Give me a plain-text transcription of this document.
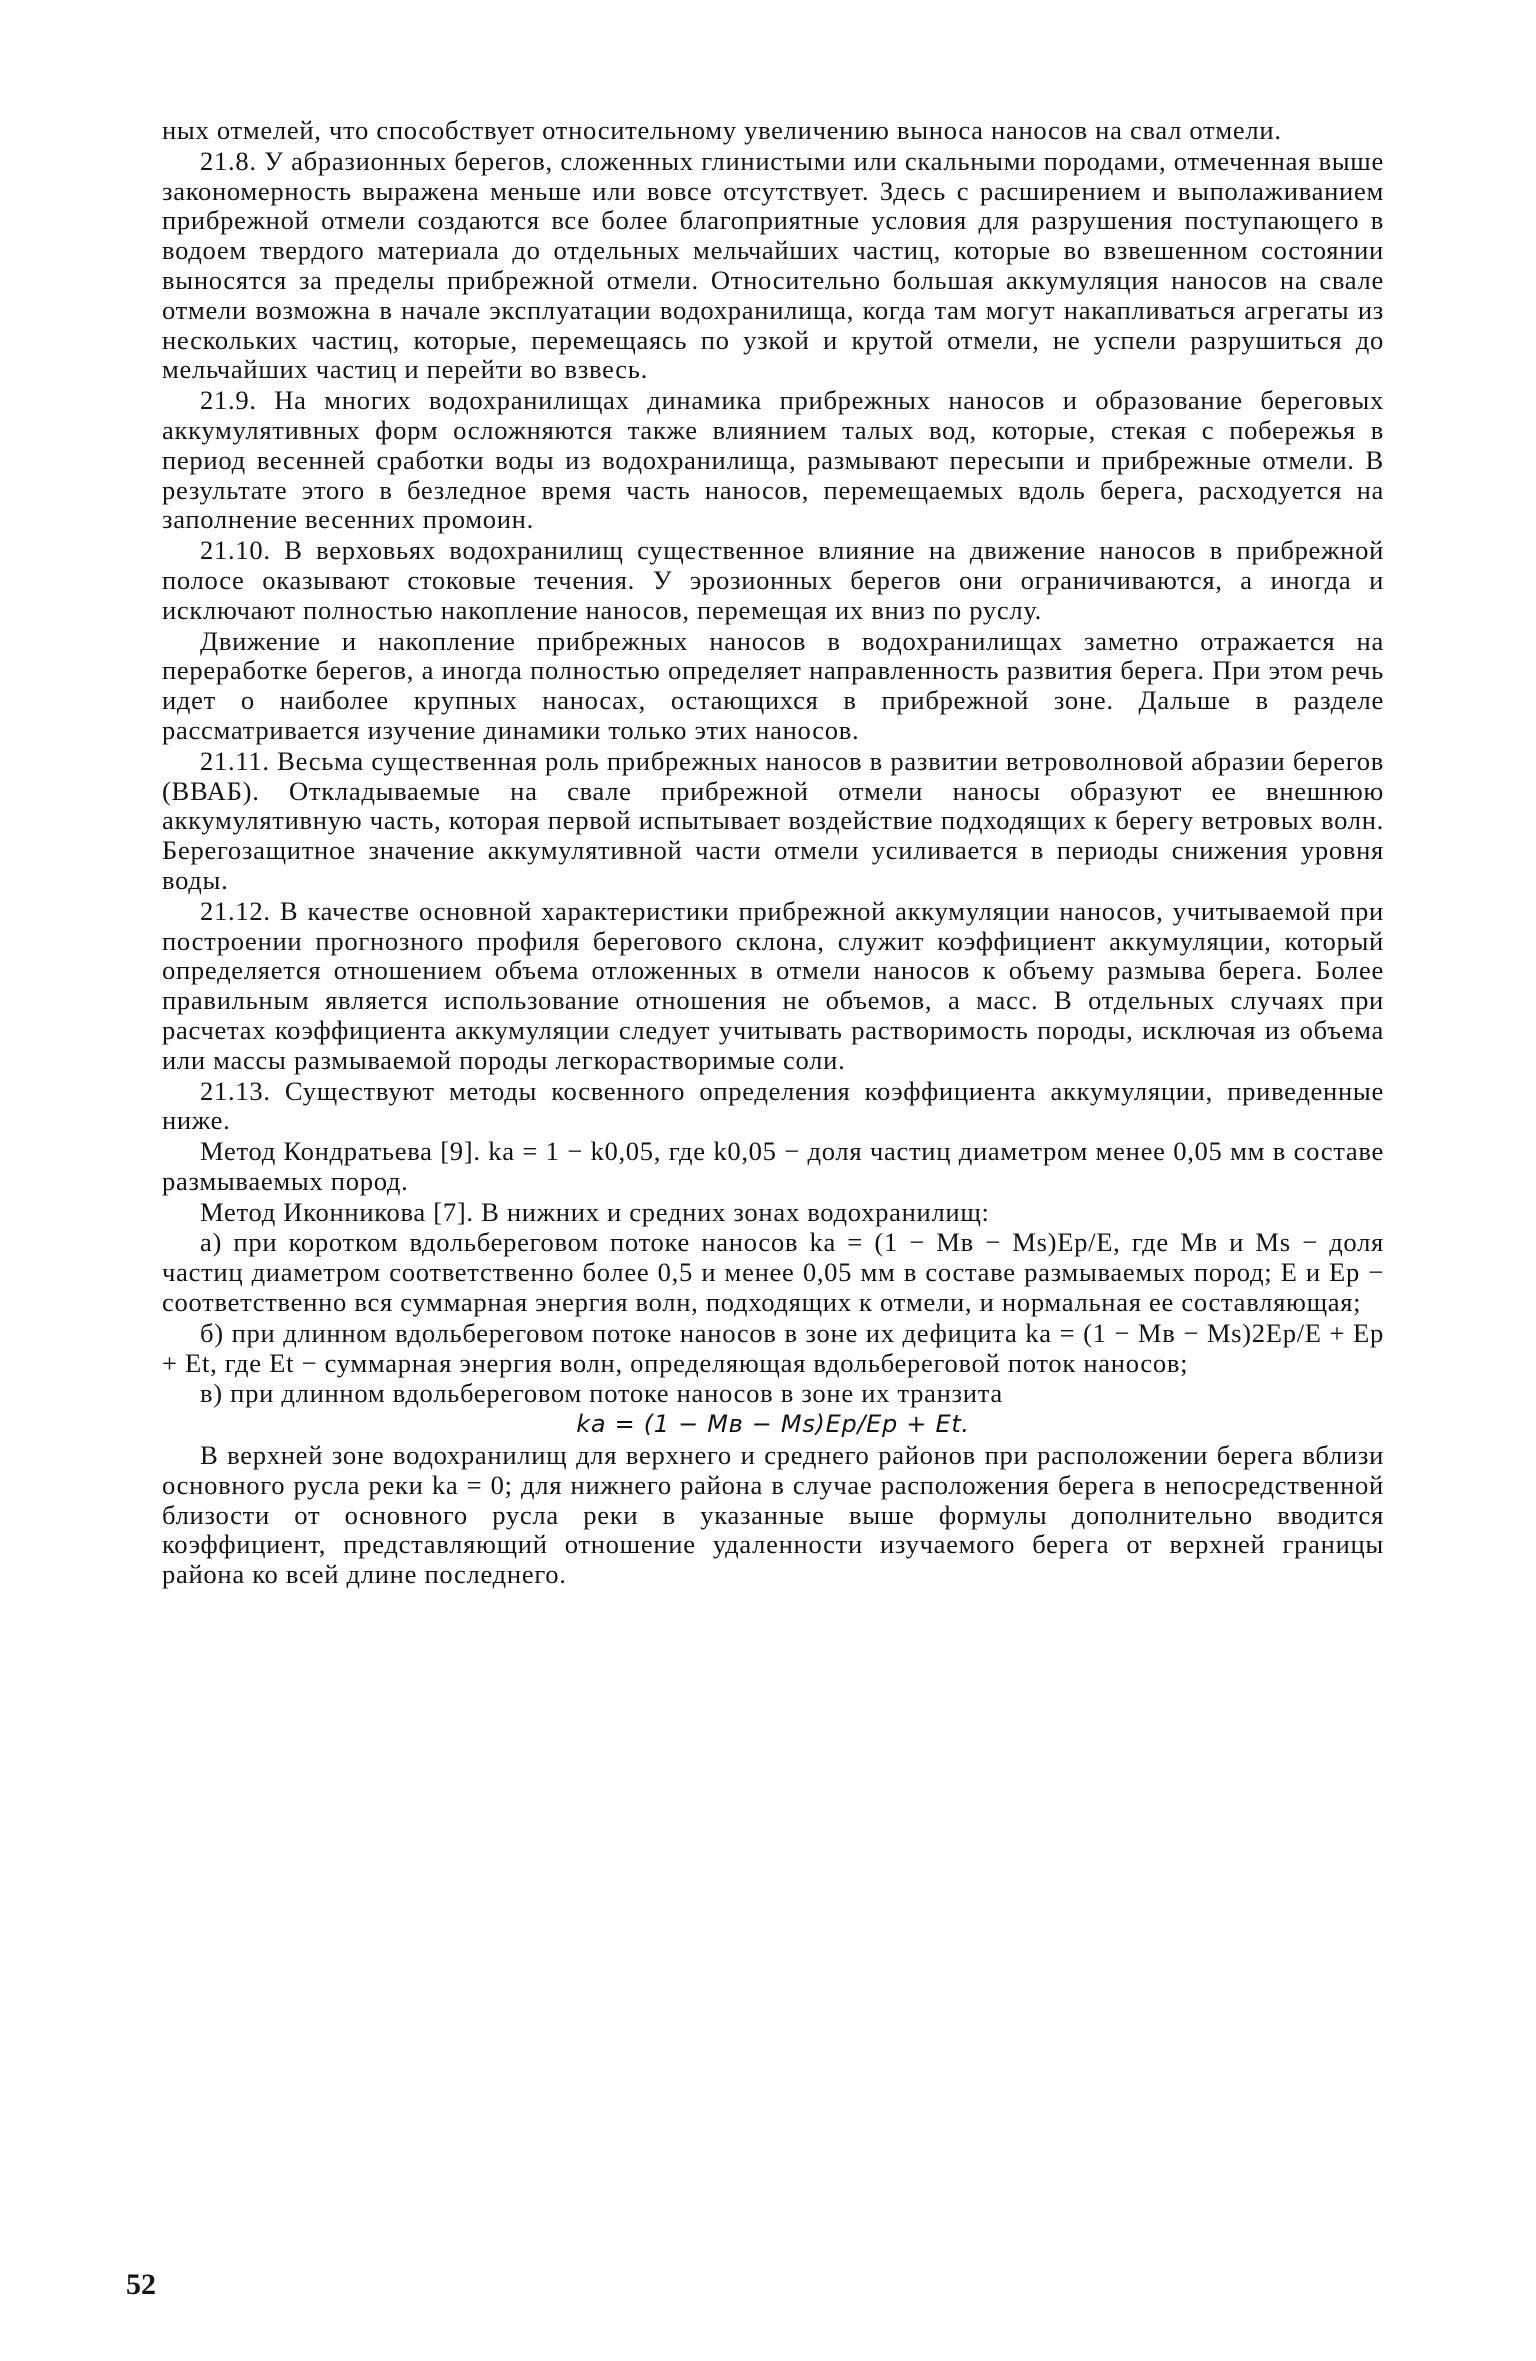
ных отмелей, что способствует относительному увеличению выноса наносов на свал отмели.

21.8. У абразионных берегов, сложенных глинистыми или скальными породами, отмеченная выше закономерность выражена меньше или вовсе отсутствует. Здесь с расширением и выполаживанием прибрежной отмели создаются все более благоприятные условия для разрушения поступающего в водоем твердого материала до отдельных мельчайших частиц, которые во взвешенном состоянии выносятся за пределы прибрежной отмели. Относительно большая аккумуляция наносов на свале отмели возможна в начале эксплуатации водохранилища, когда там могут накапливаться агрегаты из нескольких частиц, которые, перемещаясь по узкой и крутой отмели, не успели разрушиться до мельчайших частиц и перейти во взвесь.

21.9. На многих водохранилищах динамика прибрежных наносов и образование береговых аккумулятивных форм осложняются также влиянием талых вод, которые, стекая с побережья в период весенней сработки воды из водохранилища, размывают пересыпи и прибрежные отмели. В результате этого в безледное время часть наносов, перемещаемых вдоль берега, расходуется на заполнение весенних промоин.

21.10. В верховьях водохранилищ существенное влияние на движение наносов в прибрежной полосе оказывают стоковые течения. У эрозионных берегов они ограничиваются, а иногда и исключают полностью накопление наносов, перемещая их вниз по руслу.

Движение и накопление прибрежных наносов в водохранилищах заметно отражается на переработке берегов, а иногда полностью определяет направленность развития берега. При этом речь идет о наиболее крупных наносах, остающихся в прибрежной зоне. Дальше в разделе рассматривается изучение динамики только этих наносов.

21.11. Весьма существенная роль прибрежных наносов в развитии ветроволновой абразии берегов (ВВАБ). Откладываемые на свале прибрежной отмели наносы образуют ее внешнюю аккумулятивную часть, которая первой испытывает воздействие подходящих к берегу ветровых волн. Берегозащитное значение аккумулятивной части отмели усиливается в периоды снижения уровня воды.

21.12. В качестве основной характеристики прибрежной аккумуляции наносов, учитываемой при построении прогнозного профиля берегового склона, служит коэффициент аккумуляции, который определяется отношением объема отложенных в отмели наносов к объему размыва берега. Более правильным является использование отношения не объемов, а масс. В отдельных случаях при расчетах коэффициента аккумуляции следует учитывать растворимость породы, исключая из объема или массы размываемой породы легкорастворимые соли.

21.13. Существуют методы косвенного определения коэффициента аккумуляции, приведенные ниже.

Метод Кондратьева [9]. kа = 1 − k0,05, где k0,05 − доля частиц диаметром менее 0,05 мм в составе размываемых пород.

Метод Иконникова [7]. В нижних и средних зонах водохранилищ:

а) при коротком вдольбереговом потоке наносов kа = (1 − Mв − Ms)Ep/E, где Mв и Ms − доля частиц диаметром соответственно более 0,5 и менее 0,05 мм в составе размываемых пород; E и Ep − соответственно вся суммарная энергия волн, подходящих к отмели, и нормальная ее составляющая;

б) при длинном вдольбереговом потоке наносов в зоне их дефицита kа = (1 − Mв − Ms)2Ep/E + Ep + Et, где Et − суммарная энергия волн, определяющая вдольбереговой поток наносов;

в) при длинном вдольбереговом потоке наносов в зоне их транзита

kа = (1 − Mв − Ms)Ep/Ep + Et.

В верхней зоне водохранилищ для верхнего и среднего районов при расположении берега вблизи основного русла реки kа = 0; для нижнего района в случае расположения берега в непосредственной близости от основного русла реки в указанные выше формулы дополнительно вводится коэффициент, представляющий отношение удаленности изучаемого берега от верхней границы района ко всей длине последнего.

52
